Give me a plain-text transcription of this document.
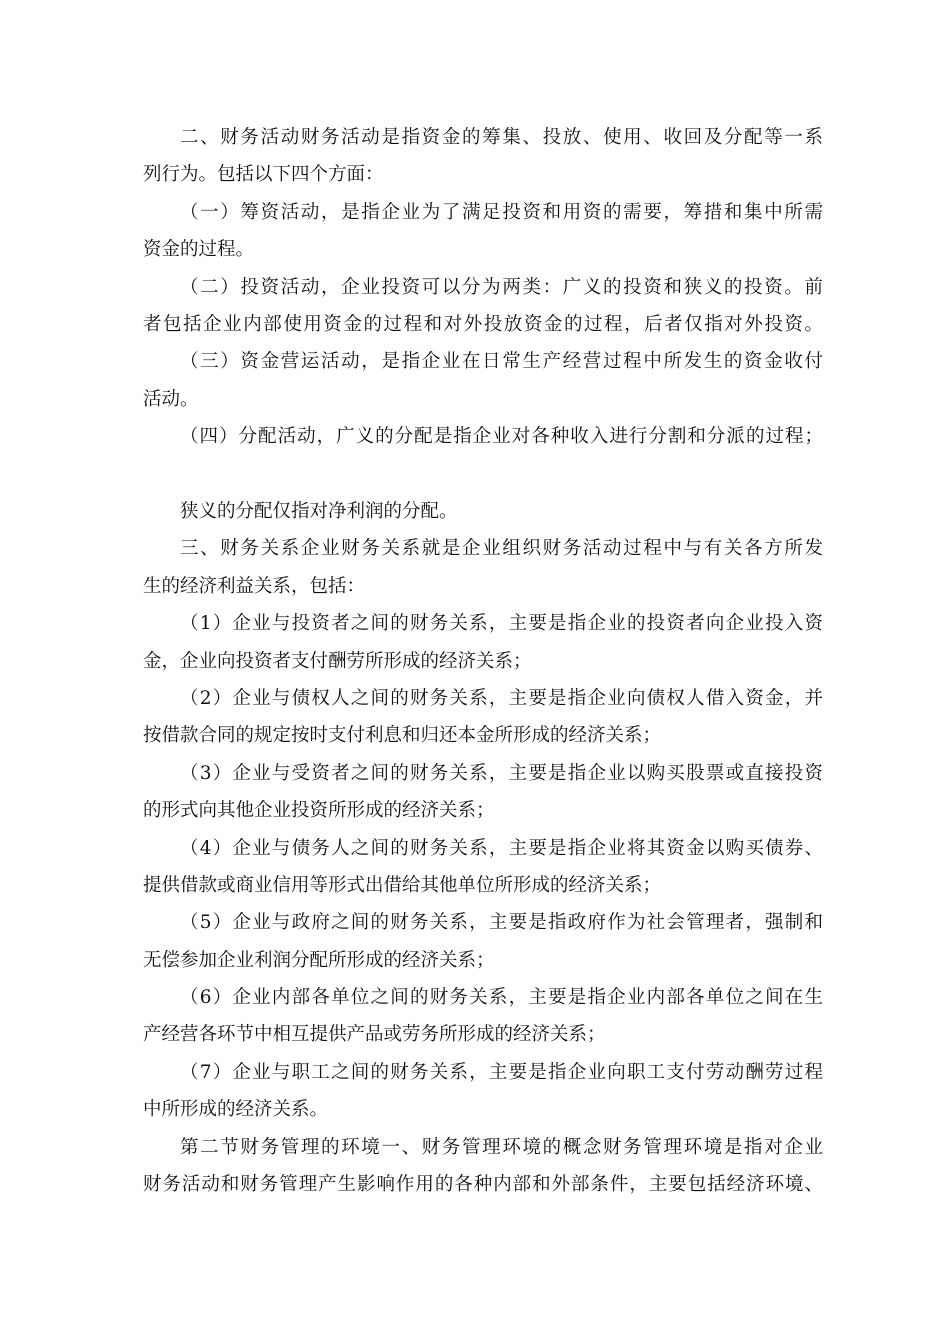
二、财务活动财务活动是指资金的筹集、投放、使用、收回及分配等一系
列行为。包括以下四个方面：
（一）筹资活动，是指企业为了满足投资和用资的需要，筹措和集中所需
资金的过程。
（二）投资活动，企业投资可以分为两类：广义的投资和狭义的投资。前
者包括企业内部使用资金的过程和对外投放资金的过程，后者仅指对外投资。
（三）资金营运活动，是指企业在日常生产经营过程中所发生的资金收付
活动。
（四）分配活动，广义的分配是指企业对各种收入进行分割和分派的过程；
狭义的分配仅指对净利润的分配。
三、财务关系企业财务关系就是企业组织财务活动过程中与有关各方所发
生的经济利益关系，包括：
（1）企业与投资者之间的财务关系，主要是指企业的投资者向企业投入资
金，企业向投资者支付酬劳所形成的经济关系；
（2）企业与债权人之间的财务关系，主要是指企业向债权人借入资金，并
按借款合同的规定按时支付利息和归还本金所形成的经济关系；
（3）企业与受资者之间的财务关系，主要是指企业以购买股票或直接投资
的形式向其他企业投资所形成的经济关系；
（4）企业与债务人之间的财务关系，主要是指企业将其资金以购买债券、
提供借款或商业信用等形式出借给其他单位所形成的经济关系；
（5）企业与政府之间的财务关系，主要是指政府作为社会管理者，强制和
无偿参加企业利润分配所形成的经济关系；
（6）企业内部各单位之间的财务关系，主要是指企业内部各单位之间在生
产经营各环节中相互提供产品或劳务所形成的经济关系；
（7）企业与职工之间的财务关系，主要是指企业向职工支付劳动酬劳过程
中所形成的经济关系。
第二节财务管理的环境一、财务管理环境的概念财务管理环境是指对企业
财务活动和财务管理产生影响作用的各种内部和外部条件，主要包括经济环境、
